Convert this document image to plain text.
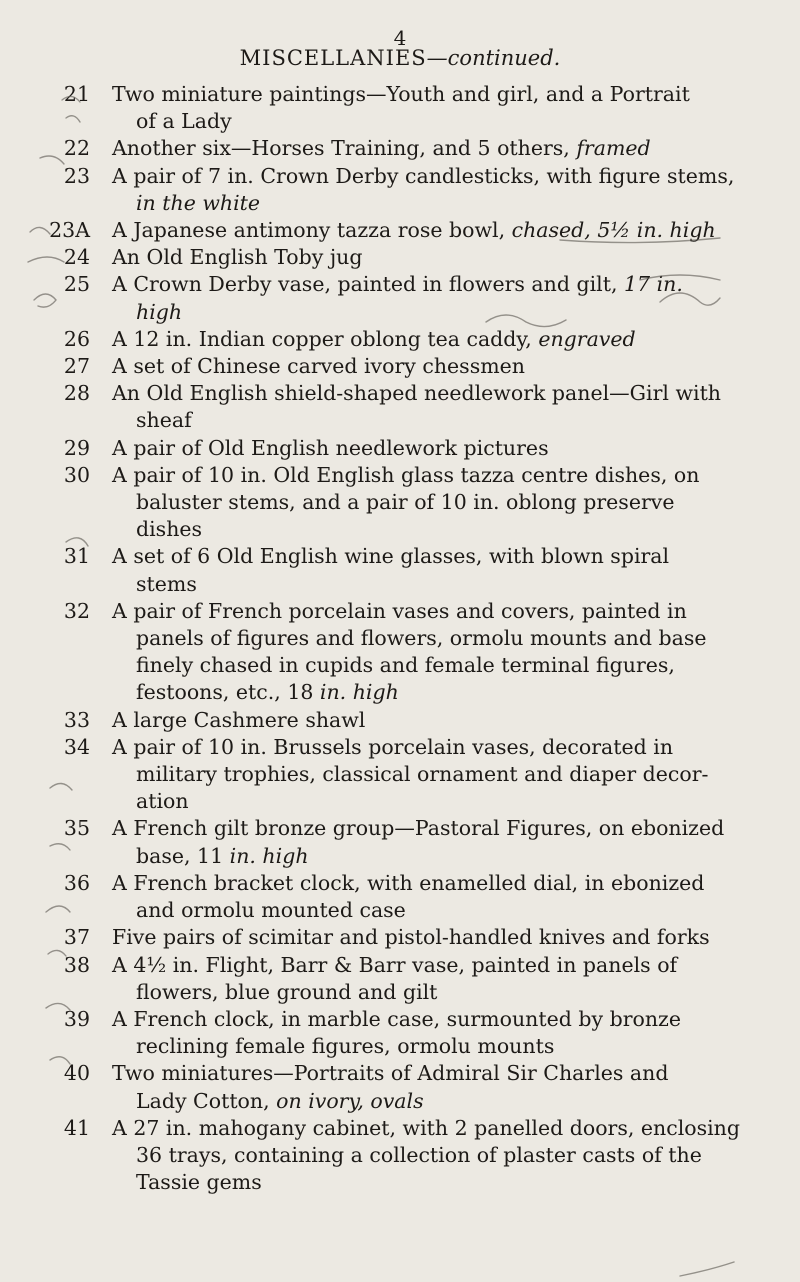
4
MISCELLANIES—continued.
21 Two miniature paintings—Youth and girl, and a Portrait
of a Lady
22 Another six—Horses Training, and 5 others, framed
23 A pair of 7 in. Crown Derby candlesticks, with figure stems,
in the white
23A A Japanese antimony tazza rose bowl, chased, 5½ in. high
24 An Old English Toby jug
25 A Crown Derby vase, painted in flowers and gilt, 17 in.
high
26 A 12 in. Indian copper oblong tea caddy, engraved
27 A set of Chinese carved ivory chessmen
28 An Old English shield-shaped needlework panel—Girl with
sheaf
29 A pair of Old English needlework pictures
30 A pair of 10 in. Old English glass tazza centre dishes, on
baluster stems, and a pair of 10 in. oblong preserve
dishes
31 A set of 6 Old English wine glasses, with blown spiral
stems
32 A pair of French porcelain vases and covers, painted in
panels of figures and flowers, ormolu mounts and base
finely chased in cupids and female terminal figures,
festoons, etc., 18 in. high
33 A large Cashmere shawl
34 A pair of 10 in. Brussels porcelain vases, decorated in
military trophies, classical ornament and diaper decor-
ation
35 A French gilt bronze group—Pastoral Figures, on ebonized
base, 11 in. high
36 A French bracket clock, with enamelled dial, in ebonized
and ormolu mounted case
37 Five pairs of scimitar and pistol-handled knives and forks
38 A 4½ in. Flight, Barr & Barr vase, painted in panels of
flowers, blue ground and gilt
39 A French clock, in marble case, surmounted by bronze
reclining female figures, ormolu mounts
40 Two miniatures—Portraits of Admiral Sir Charles and
Lady Cotton, on ivory, ovals
41 A 27 in. mahogany cabinet, with 2 panelled doors, enclosing
36 trays, containing a collection of plaster casts of the
Tassie gems
